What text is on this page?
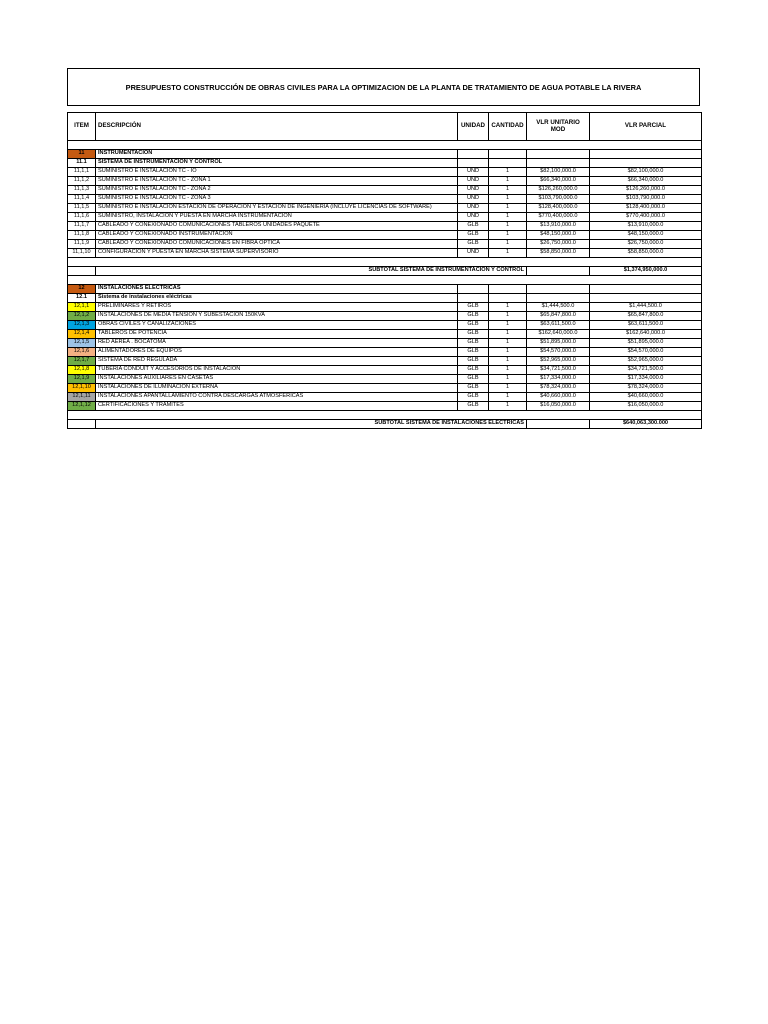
PRESUPUESTO CONSTRUCCIÓN DE OBRAS CIVILES PARA LA OPTIMIZACION DE LA PLANTA DE TRATAMIENTO DE AGUA POTABLE LA RIVERA
ITEM	DESCRIPCIÓN	UNIDAD	CANTIDAD	VLR UNITARIO MOD	VLR PARCIAL

11	INSTRUMENTACIÓN				
11.1	SISTEMA DE INSTRUMENTACIÓN Y CONTROL				
11,1,1	SUMINISTRO E INSTALACIÓN TC - IO	UND	1	$82,100,000.0	$82,100,000.0
11,1,2	SUMINISTRO E INSTALACIÓN TC - ZONA 1	UND	1	$66,340,000.0	$66,340,000.0
11,1,3	SUMINISTRO E INSTALACIÓN TC - ZONA 2	UND	1	$126,260,000.0	$126,260,000.0
11,1,4	SUMINISTRO E INSTALACIÓN TC - ZONA 3	UND	1	$103,790,000.0	$103,790,000.0
11,1,5	SUMINISTRO E INSTALACIÓN ESTACIÓN DE OPERACIÓN Y ESTACIÓN DE INGENIERÍA (INCLUYE LICENCIAS DE SOFTWARE)	UND	1	$128,400,000.0	$128,400,000.0
11,1,6	SUMINISTRO, INSTALACIÓN Y PUESTA EN MARCHA INSTRUMENTACIÓN	UND	1	$770,400,000.0	$770,400,000.0
11,1,7	CABLEADO Y CONEXIONADO COMUNICACIONES TABLEROS UNIDADES PAQUETE	GLB	1	$13,910,000.0	$13,910,000.0
11,1,8	CABLEADO Y CONEXIONADO INSTRUMENTACIÓN	GLB	1	$48,150,000.0	$48,150,000.0
11,1,9	CABLEADO Y CONEXIONADO COMUNICACIONES EN FIBRA ÓPTICA	GLB	1	$26,750,000.0	$26,750,000.0
11,1,10	CONFIGURACIÓN Y PUESTA EN MARCHA SISTEMA SUPERVISORIO	UND	1	$58,850,000.0	$58,850,000.0

	SUBTOTAL SISTEMA DE INSTRUMENTACIÓN Y CONTROL				$1,374,950,000.0

12	INSTALACIONES ELÉCTRICAS				
12.1	Sistema de instalaciones eléctricas				
12,1,1	PRELIMINARES Y RETIROS	GLB	1	$1,444,500.0	$1,444,500.0
12,1,2	INSTALACIONES DE MEDIA TENSIÓN Y SUBESTACIÓN 150KVA	GLB	1	$65,847,800.0	$65,847,800.0
12,1,3	OBRAS CIVILES Y CANALIZACIONES	GLB	1	$63,611,500.0	$63,611,500.0
12,1,4	TABLEROS DE POTENCIA	GLB	1	$162,640,000.0	$162,640,000.0
12,1,5	RED AÉREA . BOCATOMA	GLB	1	$51,895,000.0	$51,895,000.0
12,1,6	ALIMENTADORES DE EQUIPOS	GLB	1	$54,570,000.0	$54,570,000.0
12,1,7	SISTEMA DE RED REGULADA	GLB	1	$52,965,000.0	$52,965,000.0
12,1,8	TUBERIA CONDUIT Y ACCESORIOS DE INSTALACIÓN	GLB	1	$34,721,500.0	$34,721,500.0
12,1,9	INSTALACIONES AUXILIARES EN CASETAS	GLB	1	$17,334,000.0	$17,334,000.0
12,1,10	INSTALACIONES DE ILUMINACIÓN EXTERNA	GLB	1	$78,324,000.0	$78,324,000.0
12,1,11	INSTALACIONES APANTALLAMIENTO CONTRA DESCARGAS ATMOSFERICAS	GLB	1	$40,660,000.0	$40,660,000.0
12,1,12	CERTIFICACIONES Y TRAMITES	GLB	1	$16,050,000.0	$16,050,000.0

	SUBTOTAL SISTEMA DE INSTALACIONES ELECTRICAS				$640,063,300.000
